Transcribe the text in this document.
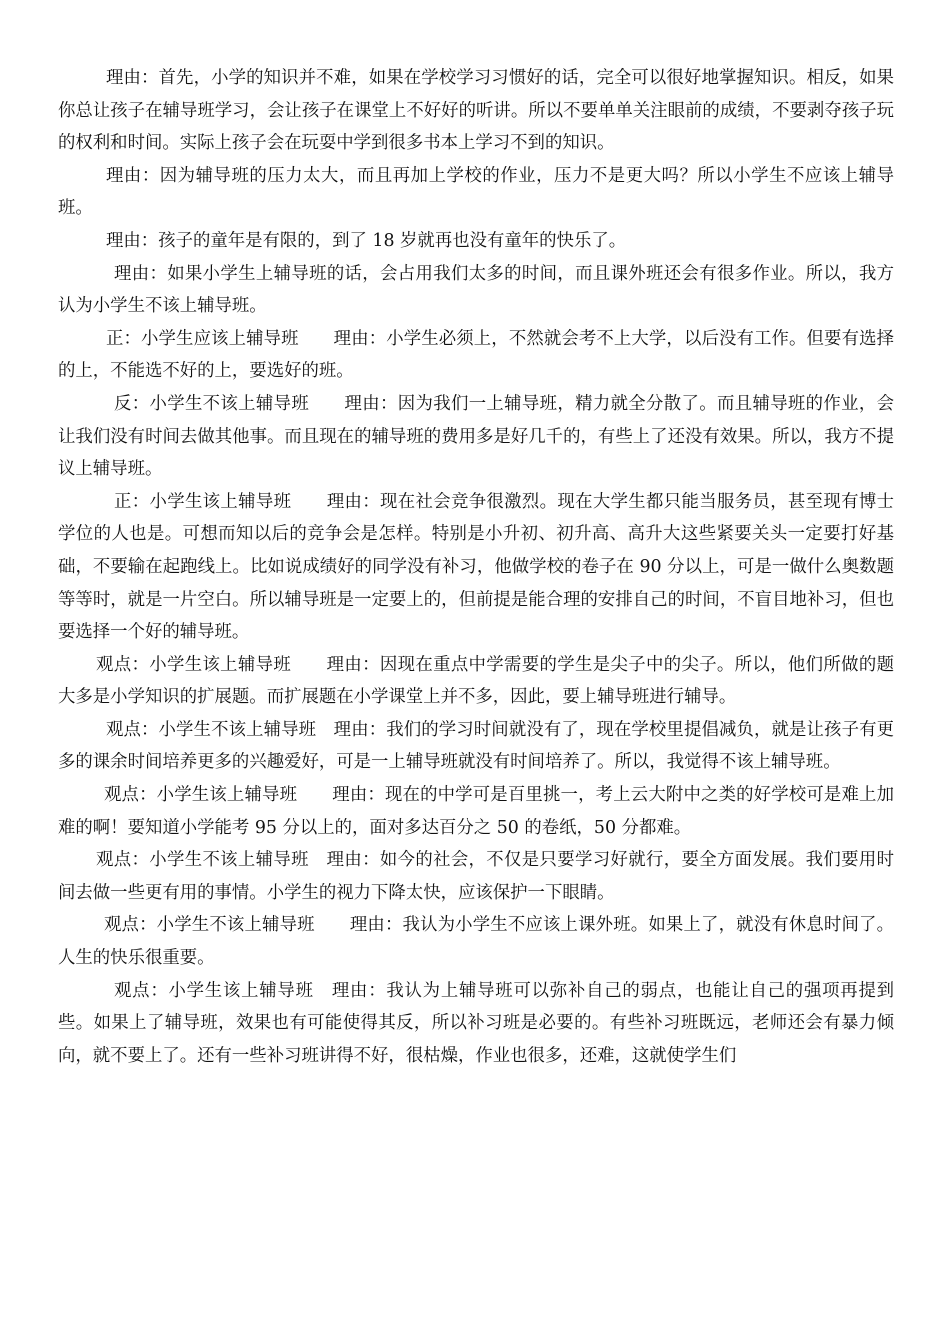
理由：首先，小学的知识并不难，如果在学校学习习惯好的话，完全可以很好地掌握知识。相反，如果你总让孩子在辅导班学习，会让孩子在课堂上不好好的听讲。所以不要单单关注眼前的成绩，不要剥夺孩子玩的权利和时间。实际上孩子会在玩耍中学到很多书本上学习不到的知识。

理由：因为辅导班的压力太大，而且再加上学校的作业，压力不是更大吗？所以小学生不应该上辅导班。

理由：孩子的童年是有限的，到了 18 岁就再也没有童年的快乐了。

理由：如果小学生上辅导班的话，会占用我们太多的时间，而且课外班还会有很多作业。所以，我方认为小学生不该上辅导班。

正：小学生应该上辅导班　　理由：小学生必须上，不然就会考不上大学，以后没有工作。但要有选择的上，不能选不好的上，要选好的班。

反：小学生不该上辅导班　　理由：因为我们一上辅导班，精力就全分散了。而且辅导班的作业，会让我们没有时间去做其他事。而且现在的辅导班的费用多是好几千的，有些上了还没有效果。所以，我方不提议上辅导班。

正：小学生该上辅导班　　理由：现在社会竞争很激烈。现在大学生都只能当服务员，甚至现有博士学位的人也是。可想而知以后的竞争会是怎样。特别是小升初、初升高、高升大这些紧要关头一定要打好基础，不要输在起跑线上。比如说成绩好的同学没有补习，他做学校的卷子在 90 分以上，可是一做什么奥数题等等时，就是一片空白。所以辅导班是一定要上的，但前提是能合理的安排自己的时间，不盲目地补习，但也要选择一个好的辅导班。

观点：小学生该上辅导班　　理由：因现在重点中学需要的学生是尖子中的尖子。所以，他们所做的题大多是小学知识的扩展题。而扩展题在小学课堂上并不多，因此，要上辅导班进行辅导。

观点：小学生不该上辅导班　理由：我们的学习时间就没有了，现在学校里提倡减负，就是让孩子有更多的课余时间培养更多的兴趣爱好，可是一上辅导班就没有时间培养了。所以，我觉得不该上辅导班。

观点：小学生该上辅导班　　理由：现在的中学可是百里挑一，考上云大附中之类的好学校可是难上加难的啊！要知道小学能考 95 分以上的，面对多达百分之 50 的卷纸，50 分都难。

观点：小学生不该上辅导班　理由：如今的社会，不仅是只要学习好就行，要全方面发展。我们要用时间去做一些更有用的事情。小学生的视力下降太快，应该保护一下眼睛。

观点：小学生不该上辅导班　　理由：我认为小学生不应该上课外班。如果上了，就没有休息时间了。人生的快乐很重要。

观点：小学生该上辅导班　理由：我认为上辅导班可以弥补自己的弱点，也能让自己的强项再提到些。如果上了辅导班，效果也有可能使得其反，所以补习班是必要的。有些补习班既远，老师还会有暴力倾向，就不要上了。还有一些补习班讲得不好，很枯燥，作业也很多，还难，这就使学生们
